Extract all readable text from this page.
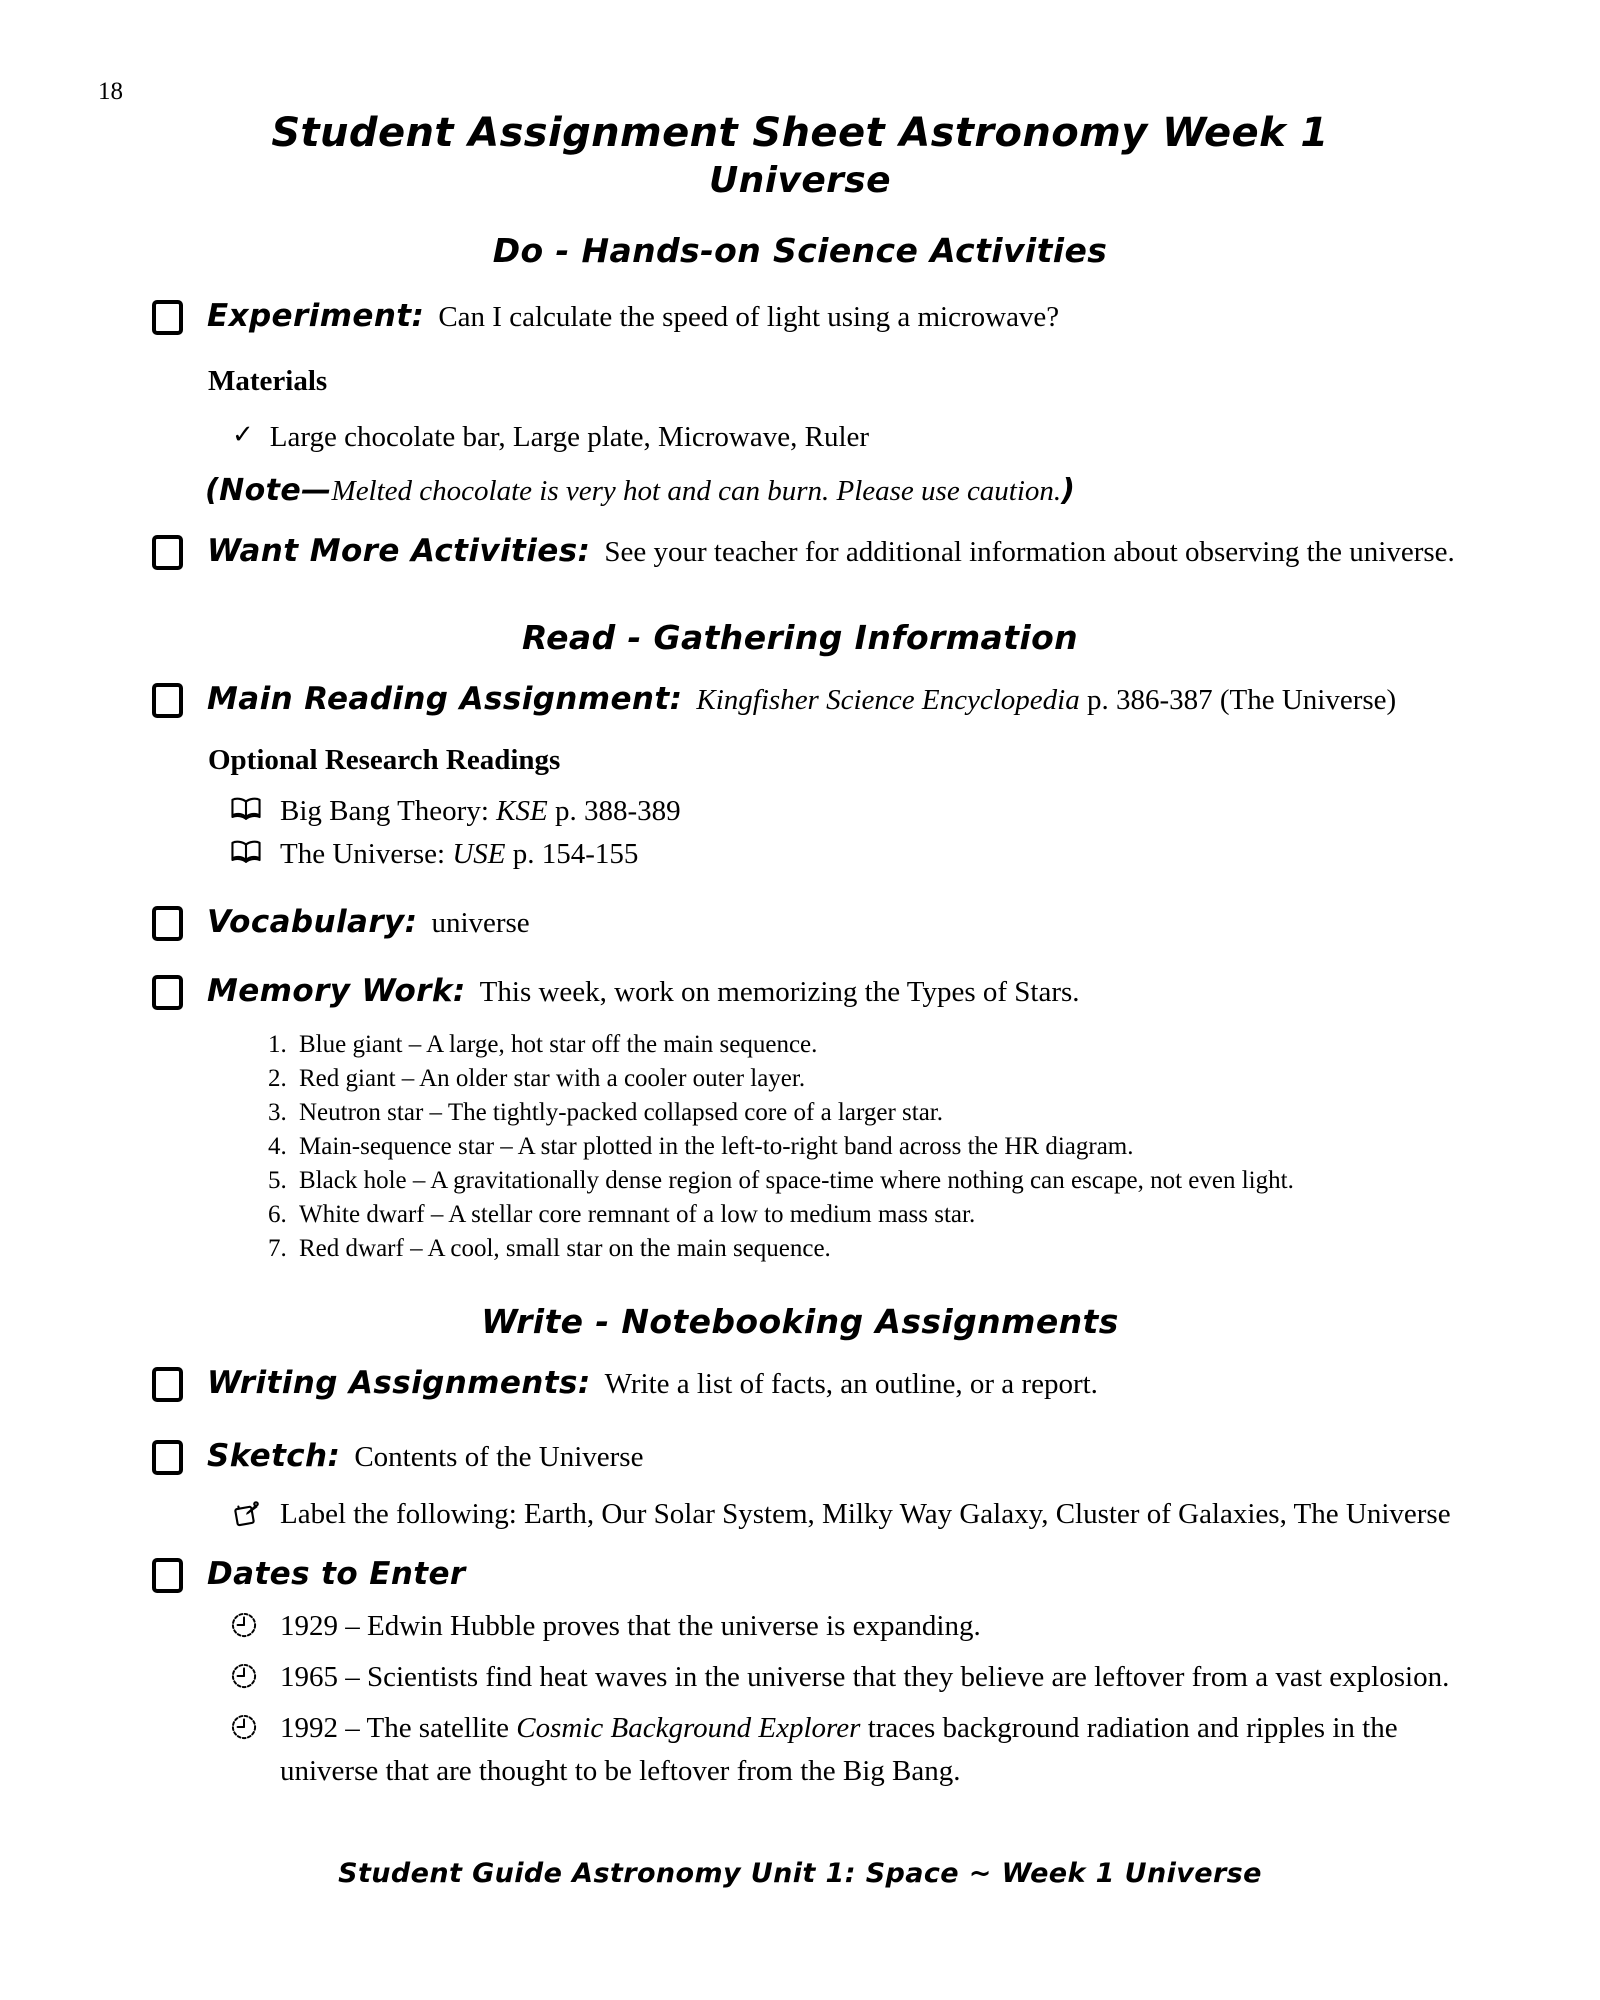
18
Student Assignment Sheet Astronomy Week 1
Universe
Do - Hands-on Science Activities
Experiment: Can I calculate the speed of light using a microwave?
Materials
✓ Large chocolate bar, Large plate, Microwave, Ruler
(Note—Melted chocolate is very hot and can burn. Please use caution.)
Want More Activities: See your teacher for additional information about observing the universe.
Read - Gathering Information
Main Reading Assignment: Kingfisher Science Encyclopedia p. 386-387 (The Universe)
Optional Research Readings
Big Bang Theory: KSE p. 388-389
The Universe: USE p. 154-155
Vocabulary: universe
Memory Work: This week, work on memorizing the Types of Stars.
1. Blue giant – A large, hot star off the main sequence.
2. Red giant – An older star with a cooler outer layer.
3. Neutron star – The tightly-packed collapsed core of a larger star.
4. Main-sequence star – A star plotted in the left-to-right band across the HR diagram.
5. Black hole – A gravitationally dense region of space-time where nothing can escape, not even light.
6. White dwarf – A stellar core remnant of a low to medium mass star.
7. Red dwarf – A cool, small star on the main sequence.
Write - Notebooking Assignments
Writing Assignments: Write a list of facts, an outline, or a report.
Sketch: Contents of the Universe
Label the following: Earth, Our Solar System, Milky Way Galaxy, Cluster of Galaxies, The Universe
Dates to Enter
1929 – Edwin Hubble proves that the universe is expanding.
1965 – Scientists find heat waves in the universe that they believe are leftover from a vast explosion.
1992 – The satellite Cosmic Background Explorer traces background radiation and ripples in the universe that are thought to be leftover from the Big Bang.
Student Guide Astronomy Unit 1: Space ~ Week 1 Universe
